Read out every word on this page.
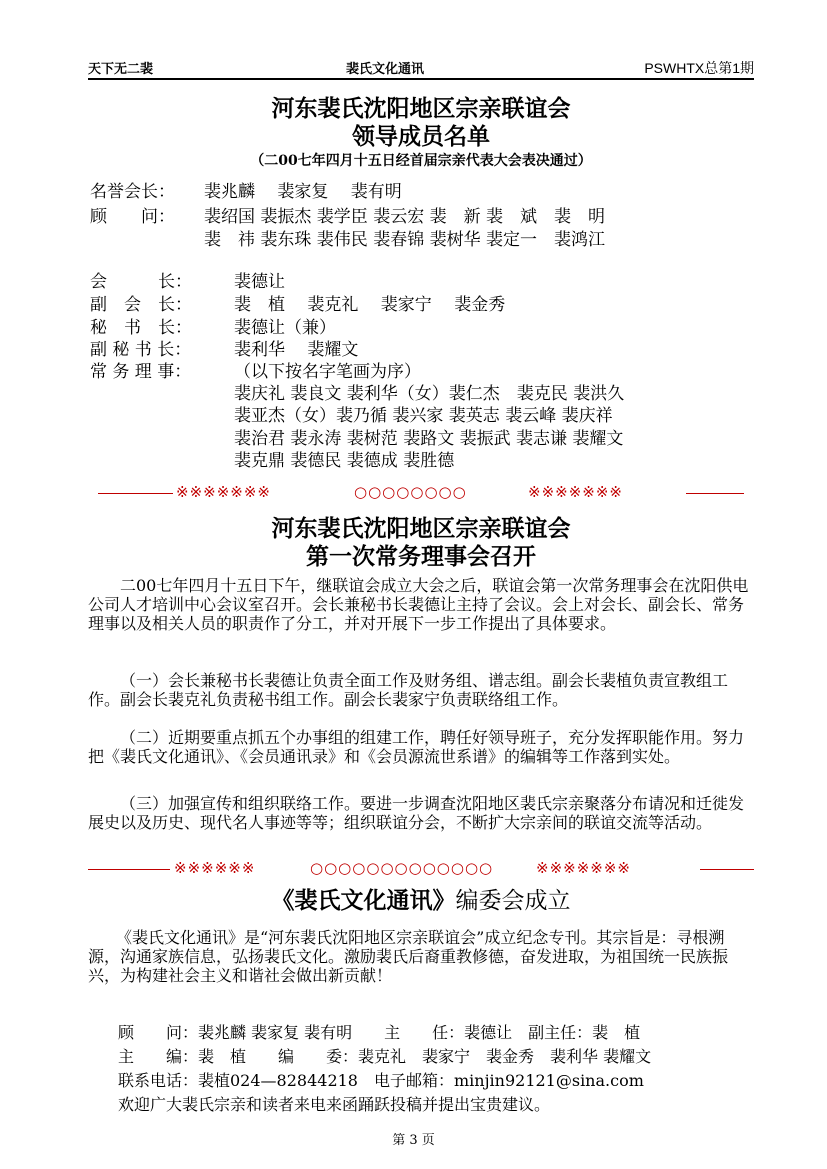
天下无二裴	裴氏文化通讯	PSWHTX总第1期
河东裴氏沈阳地区宗亲联谊会
领导成员名单
（二00七年四月十五日经首届宗亲代表大会表决通过）
名誉会长： 裴兆麟　 裴家复　 裴有明
顾　　问： 裴绍国 裴振杰 裴学臣 裴云宏 裴　新 裴　斌　裴　明
裴　祎 裴东珠 裴伟民 裴春锦 裴树华 裴定一　裴鸿江
会　　　长： 裴德让
副　会　长： 裴　植　 裴克礼　 裴家宁　 裴金秀
秘　书　长： 裴德让（兼）
副 秘 书 长：	裴利华　 裴耀文
常 务 理 事：	（以下按名字笔画为序）
裴庆礼 裴良文 裴利华（女）裴仁杰　裴克民 裴洪久
裴亚杰（女）裴乃循 裴兴家 裴英志 裴云峰 裴庆祥
裴治君 裴永涛 裴树范 裴路文 裴振武 裴志谦 裴耀文
裴克鼎 裴德民 裴德成 裴胜德
※※※※※※※	○○○○○○○○	※※※※※※※
河东裴氏沈阳地区宗亲联谊会
第一次常务理事会召开
二00七年四月十五日下午，继联谊会成立大会之后，联谊会第一次常务理事会在沈阳供电公司人才培训中心会议室召开。会长兼秘书长裴德让主持了会议。会上对会长、副会长、常务理事以及相关人员的职责作了分工，并对开展下一步工作提出了具体要求。
（一）会长兼秘书长裴德让负责全面工作及财务组、谱志组。副会长裴植负责宣教组工作。副会长裴克礼负责秘书组工作。副会长裴家宁负责联络组工作。
（二）近期要重点抓五个办事组的组建工作，聘任好领导班子，充分发挥职能作用。努力把《裴氏文化通讯》、《会员通讯录》和《会员源流世系谱》的编辑等工作落到实处。
（三）加强宣传和组织联络工作。要进一步调查沈阳地区裴氏宗亲聚落分布请况和迁徙发展史以及历史、现代名人事迹等等；组织联谊分会，不断扩大宗亲间的联谊交流等活动。
※※※※※※	○○○○○○○○○○○○○	※※※※※※※
《裴氏文化通讯》编委会成立
《裴氏文化通讯》是“河东裴氏沈阳地区宗亲联谊会”成立纪念专刊。其宗旨是：寻根溯源，沟通家族信息，弘扬裴氏文化。激励裴氏后裔重教修德，奋发进取，为祖国统一民族振兴，为构建社会主义和谐社会做出新贡献！
顾　　问：裴兆麟 裴家复 裴有明　　主　　任：裴德让　副主任：裴　植
主　　编：裴　植　　编　　委：裴克礼　裴家宁　裴金秀　裴利华 裴耀文
联系电话：裴植024—82844218　电子邮箱：minjin92121@sina.com
欢迎广大裴氏宗亲和读者来电来函踊跃投稿并提出宝贵建议。
第 3 页
